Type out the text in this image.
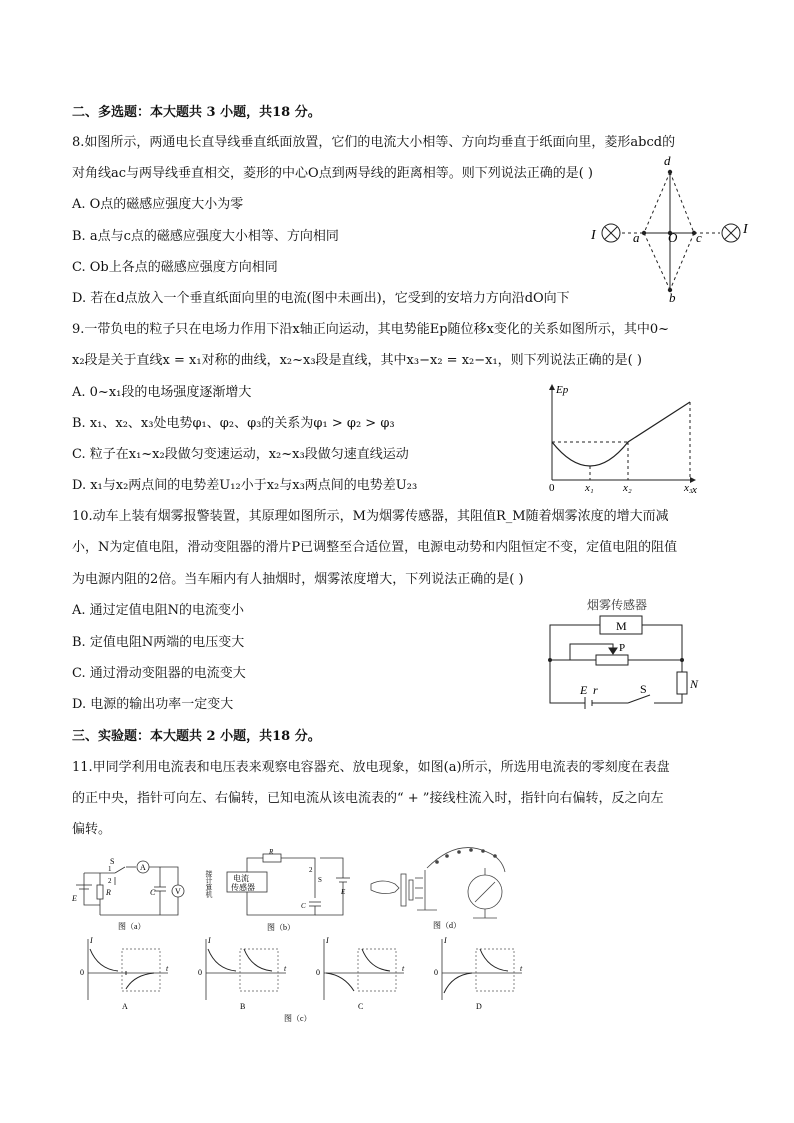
二、多选题：本大题共 3 小题，共18 分。
8.如图所示，两通电长直导线垂直纸面放置，它们的电流大小相等、方向均垂直于纸面向里，菱形abcd的
对角线ac与两导线垂直相交，菱形的中心O点到两导线的距离相等。则下列说法正确的是( )
A. O点的磁感应强度大小为零
B. a点与c点的磁感应强度大小相等、方向相同
C. Ob上各点的磁感应强度方向相同
D. 若在d点放入一个垂直纸面向里的电流(图中未画出)，它受到的安培力方向沿dO向下
I	I
a O c
d
b
9.一带负电的粒子只在电场力作用下沿x轴正向运动，其电势能Ep随位移x变化的关系如图所示，其中0~
x₂段是关于直线x = x₁对称的曲线，x₂~x₃段是直线，其中x₃−x₂ = x₂−x₁，则下列说法正确的是( )
A. 0~x₁段的电场强度逐渐增大
B. x₁、x₂、x₃处电势φ₁、φ₂、φ₃的关系为φ₁ > φ₂ > φ₃
C. 粒子在x₁~x₂段做匀变速运动，x₂~x₃段做匀速直线运动
D. x₁与x₂两点间的电势差U₁₂小于x₂与x₃两点间的电势差U₂₃
Ep
0	x₁	x₂	x₃ x
10.动车上装有烟雾报警装置，其原理如图所示，M为烟雾传感器，其阻值R_M随着烟雾浓度的增大而减
小，N为定值电阻，滑动变阻器的滑片P已调整至合适位置，电源电动势和内阻恒定不变，定值电阻的阻值
为电源内阻的2倍。当车厢内有人抽烟时，烟雾浓度增大，下列说法正确的是( )
A. 通过定值电阻N的电流变小
B. 定值电阻N两端的电压变大
C. 通过滑动变阻器的电流变大
D. 电源的输出功率一定变大
烟雾传感器
M
P
N
E r	S
三、实验题：本大题共 2 小题，共18 分。
11.甲同学利用电流表和电压表来观察电容器充、放电现象，如图(a)所示，所选用电流表的零刻度在表盘
的正中央，指针可向左、右偏转，已知电流从该电流表的“ + ”接线柱流入时，指针向右偏转，反之向左
偏转。
A
V
S
1
2
E
R	C
图（a）
接计算机	电流
传感器
R
S
2
C
E
图（b）	图（d）
I
t
0
A
I
t
0
B
I
t
0
C
I
t
0
D
图（c）
